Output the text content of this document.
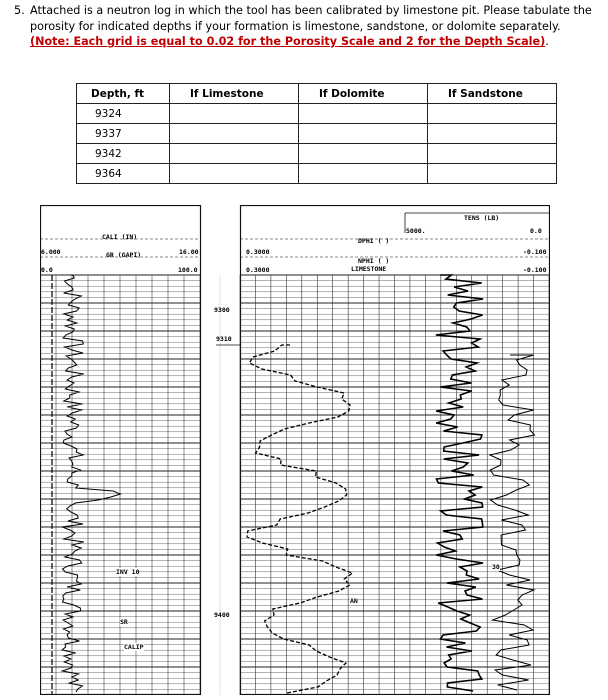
5. Attached is a neutron log in which the tool has been calibrated by limestone pit. Please tabulate the porosity for indicated depths if your formation is limestone, sandstone, or dolomite separately. (Note: Each grid is equal to 0.02 for the Porosity Scale and 2 for the Depth Scale).
Depth, ft	If Limestone	If Dolomite	If Sandstone
9324			
9337			
9342			
9364			
CALI (IN)
GR (GAPI)
6.000	16.00
0.0	100.0
INV 10
SR
CALIP
9300
9310
9400
TENS (LB)
5000.	0.0
DPHI ( )
0.3000	-0.100
NPHI ( )
LIMESTONE
0.3000	-0.100
30
AN
